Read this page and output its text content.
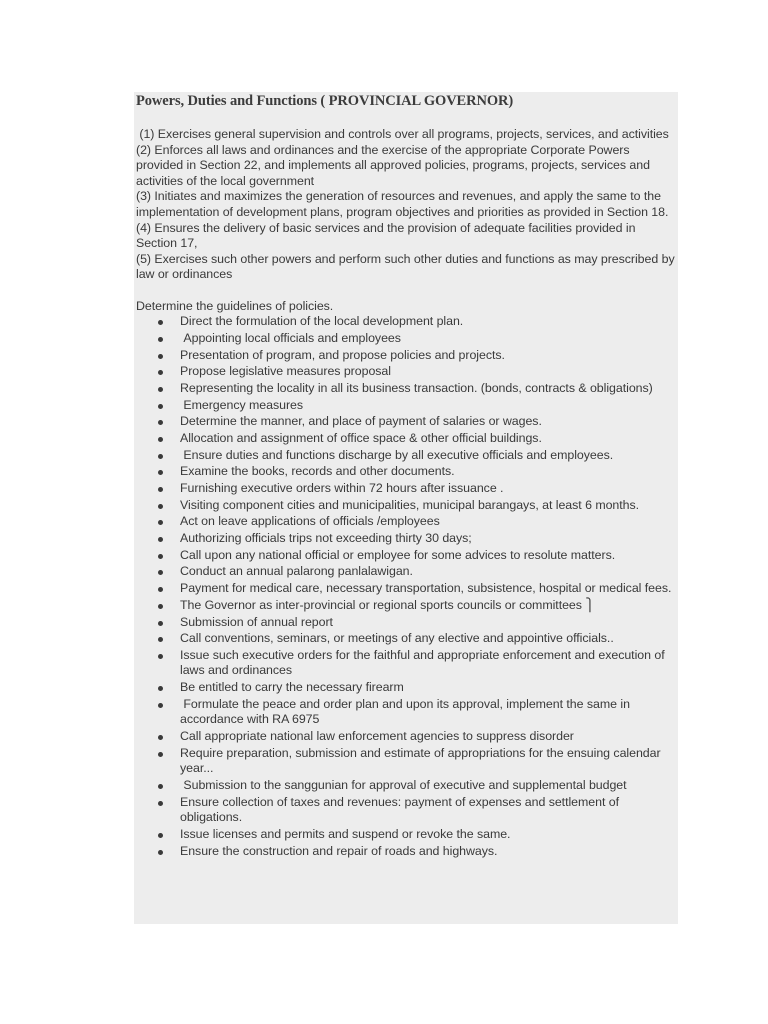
Powers, Duties and Functions ( PROVINCIAL GOVERNOR)

(1) Exercises general supervision and controls over all programs, projects, services, and activities

(2) Enforces all laws and ordinances and the exercise of the appropriate Corporate Powers provided in Section 22, and implements all approved policies, programs, projects, services and activities of the local government

(3) Initiates and maximizes the generation of resources and revenues, and apply the same to the implementation of development plans, program objectives and priorities as provided in Section 18.

(4) Ensures the delivery of basic services and the provision of adequate facilities provided in Section 17,

(5) Exercises such other powers and perform such other duties and functions as may prescribed by law or ordinances

Determine the guidelines of policies.

Direct the formulation of the local development plan.
Appointing local officials and employees
Presentation of program, and propose policies and projects.
Propose legislative measures proposal
Representing the locality in all its business transaction. (bonds, contracts & obligations)
Emergency measures
Determine the manner, and place of payment of salaries or wages.
Allocation and assignment of office space & other official buildings.
Ensure duties and functions discharge by all executive officials and employees.
Examine the books, records and other documents.
Furnishing executive orders within 72 hours after issuance .
Visiting component cities and municipalities, municipal barangays, at least 6 months.
Act on leave applications of officials /employees
Authorizing officials trips not exceeding thirty 30 days;
Call upon any national official or employee for some advices to resolute matters.
Conduct an annual palarong panlalawigan.
Payment for medical care, necessary transportation, subsistence, hospital or medical fees.
The Governor as inter-provincial or regional sports councils or committees ⎫
Submission of annual report
Call conventions, seminars, or meetings of any elective and appointive officials..
Issue such executive orders for the faithful and appropriate enforcement and execution of laws and ordinances
Be entitled to carry the necessary firearm
Formulate the peace and order plan and upon its approval, implement the same in accordance with RA 6975
Call appropriate national law enforcement agencies to suppress disorder
Require preparation, submission and estimate of appropriations for the ensuing calendar year...
Submission to the sanggunian for approval of executive and supplemental budget
Ensure collection of taxes and revenues: payment of expenses and settlement of obligations.
Issue licenses and permits and suspend or revoke the same.
Ensure the construction and repair of roads and highways.
